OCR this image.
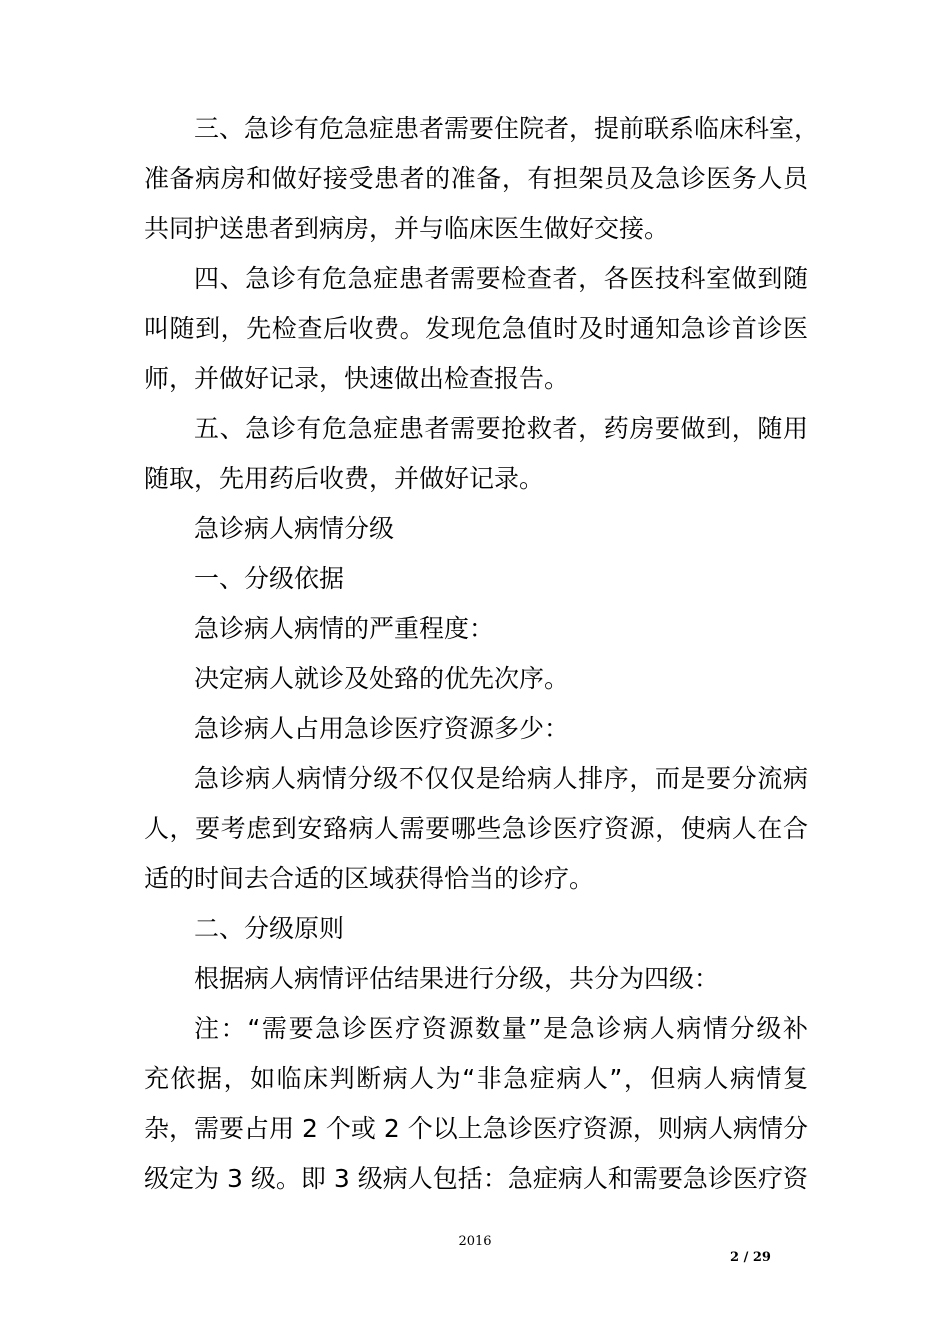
三、急诊有危急症患者需要住院者，提前联系临床科室，
准备病房和做好接受患者的准备，有担架员及急诊医务人员
共同护送患者到病房，并与临床医生做好交接。
四、急诊有危急症患者需要检查者，各医技科室做到随
叫随到，先检查后收费。发现危急值时及时通知急诊首诊医
师，并做好记录，快速做出检查报告。
五、急诊有危急症患者需要抢救者，药房要做到，随用
随取，先用药后收费，并做好记录。
急诊病人病情分级
一、分级依据
急诊病人病情的严重程度：
决定病人就诊及处臵的优先次序。
急诊病人占用急诊医疗资源多少：
急诊病人病情分级不仅仅是给病人排序，而是要分流病
人，要考虑到安臵病人需要哪些急诊医疗资源，使病人在合
适的时间去合适的区域获得恰当的诊疗。
二、分级原则
根据病人病情评估结果进行分级，共分为四级：
注：“需要急诊医疗资源数量”是急诊病人病情分级补
充依据，如临床判断病人为“非急症病人”，但病人病情复
杂，需要占用 2 个或 2 个以上急诊医疗资源，则病人病情分
级定为 3 级。即 3 级病人包括：急症病人和需要急诊医疗资
2016
2 / 29
